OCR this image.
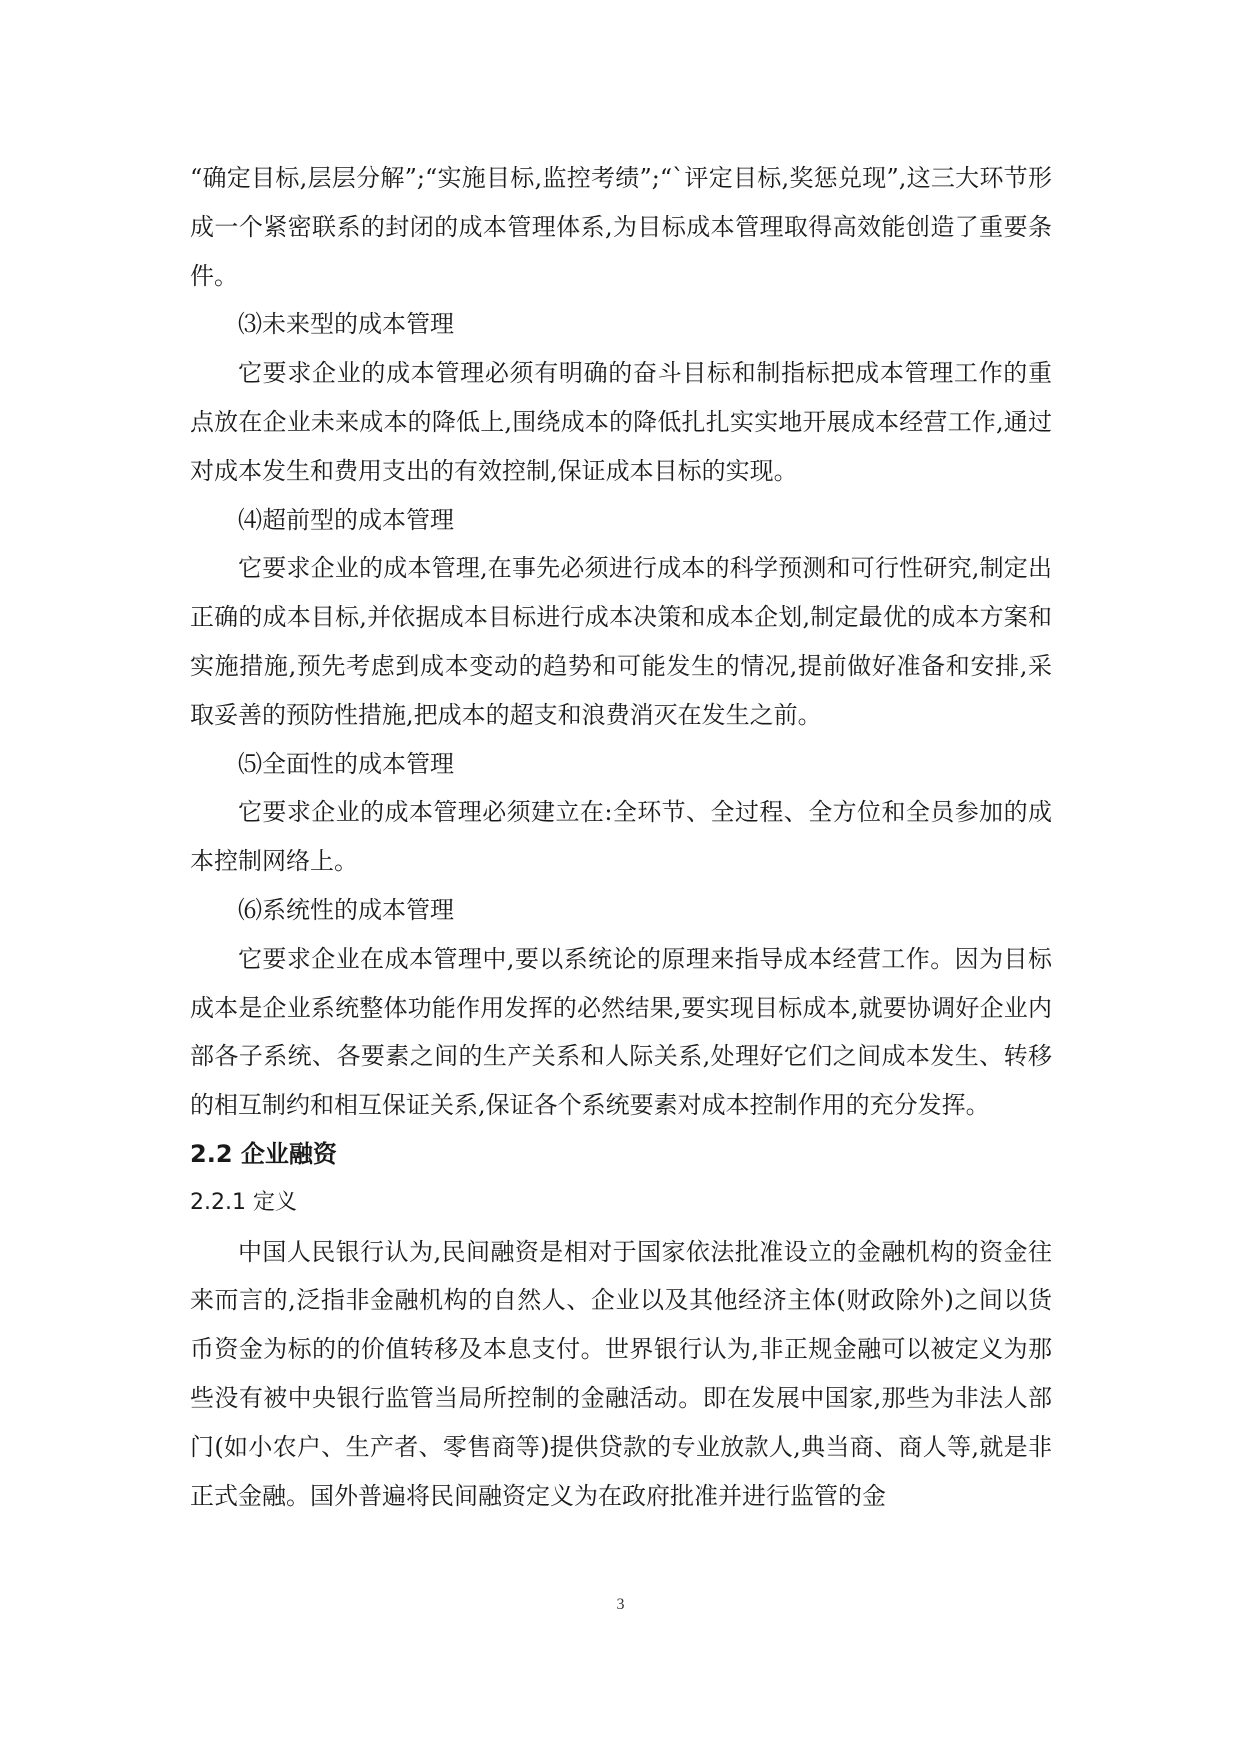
“确定目标,层层分解”;“实施目标,监控考绩”;“`评定目标,奖惩兑现”,这三大环节形成一个紧密联系的封闭的成本管理体系,为目标成本管理取得高效能创造了重要条件。

⑶未来型的成本管理

它要求企业的成本管理必须有明确的奋斗目标和制指标把成本管理工作的重点放在企业未来成本的降低上,围绕成本的降低扎扎实实地开展成本经营工作,通过对成本发生和费用支出的有效控制,保证成本目标的实现。

⑷超前型的成本管理

它要求企业的成本管理,在事先必须进行成本的科学预测和可行性研究,制定出正确的成本目标,并依据成本目标进行成本决策和成本企划,制定最优的成本方案和实施措施,预先考虑到成本变动的趋势和可能发生的情况,提前做好准备和安排,采取妥善的预防性措施,把成本的超支和浪费消灭在发生之前。

⑸全面性的成本管理

它要求企业的成本管理必须建立在:全环节、全过程、全方位和全员参加的成本控制网络上。

⑹系统性的成本管理

它要求企业在成本管理中,要以系统论的原理来指导成本经营工作。因为目标成本是企业系统整体功能作用发挥的必然结果,要实现目标成本,就要协调好企业内部各子系统、各要素之间的生产关系和人际关系,处理好它们之间成本发生、转移的相互制约和相互保证关系,保证各个系统要素对成本控制作用的充分发挥。

2.2 企业融资

2.2.1 定义

中国人民银行认为,民间融资是相对于国家依法批准设立的金融机构的资金往来而言的,泛指非金融机构的自然人、企业以及其他经济主体(财政除外)之间以货币资金为标的的价值转移及本息支付。世界银行认为,非正规金融可以被定义为那些没有被中央银行监管当局所控制的金融活动。即在发展中国家,那些为非法人部门(如小农户、生产者、零售商等)提供贷款的专业放款人,典当商、商人等,就是非正式金融。国外普遍将民间融资定义为在政府批准并进行监管的金

3
